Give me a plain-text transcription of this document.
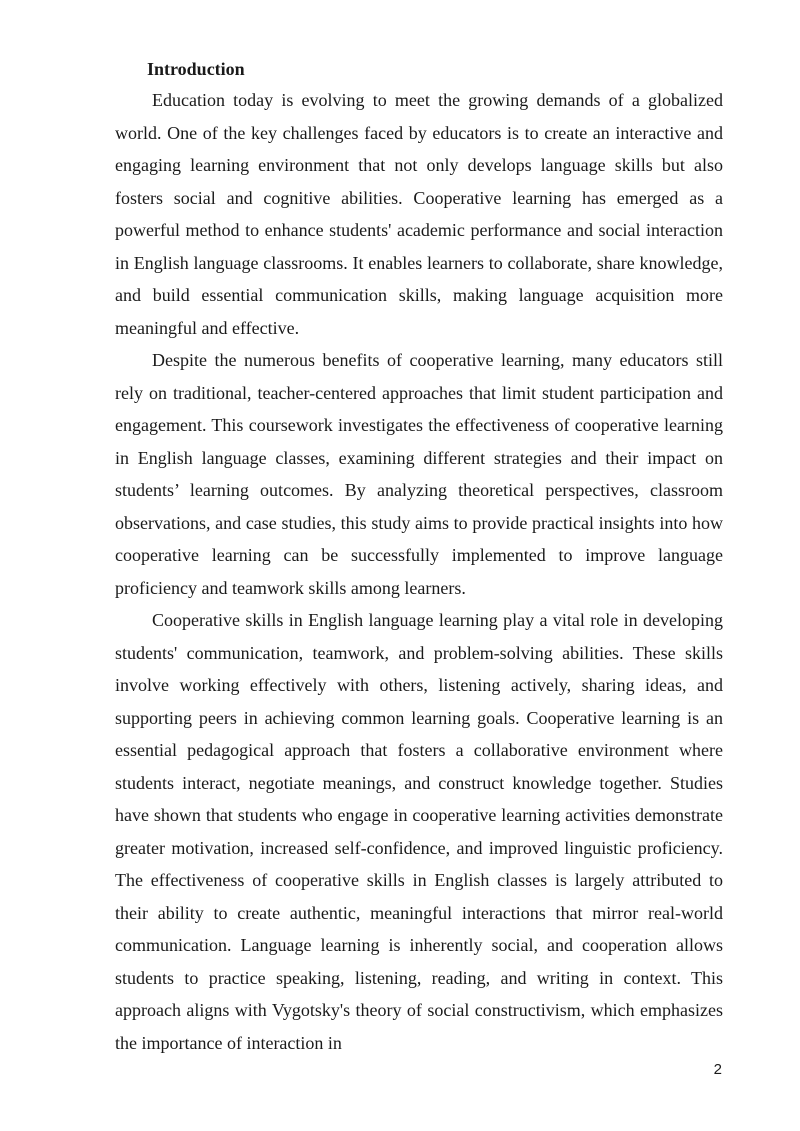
Introduction

Education today is evolving to meet the growing demands of a globalized world. One of the key challenges faced by educators is to create an interactive and engaging learning environment that not only develops language skills but also fosters social and cognitive abilities. Cooperative learning has emerged as a powerful method to enhance students' academic performance and social interaction in English language classrooms. It enables learners to collaborate, share knowledge, and build essential communication skills, making language acquisition more meaningful and effective.

Despite the numerous benefits of cooperative learning, many educators still rely on traditional, teacher-centered approaches that limit student participation and engagement. This coursework investigates the effectiveness of cooperative learning in English language classes, examining different strategies and their impact on students’ learning outcomes. By analyzing theoretical perspectives, classroom observations, and case studies, this study aims to provide practical insights into how cooperative learning can be successfully implemented to improve language proficiency and teamwork skills among learners.

Cooperative skills in English language learning play a vital role in developing students' communication, teamwork, and problem-solving abilities. These skills involve working effectively with others, listening actively, sharing ideas, and supporting peers in achieving common learning goals. Cooperative learning is an essential pedagogical approach that fosters a collaborative environment where students interact, negotiate meanings, and construct knowledge together. Studies have shown that students who engage in cooperative learning activities demonstrate greater motivation, increased self-confidence, and improved linguistic proficiency. The effectiveness of cooperative skills in English classes is largely attributed to their ability to create authentic, meaningful interactions that mirror real-world communication. Language learning is inherently social, and cooperation allows students to practice speaking, listening, reading, and writing in context. This approach aligns with Vygotsky's theory of social constructivism, which emphasizes the importance of interaction in

2
